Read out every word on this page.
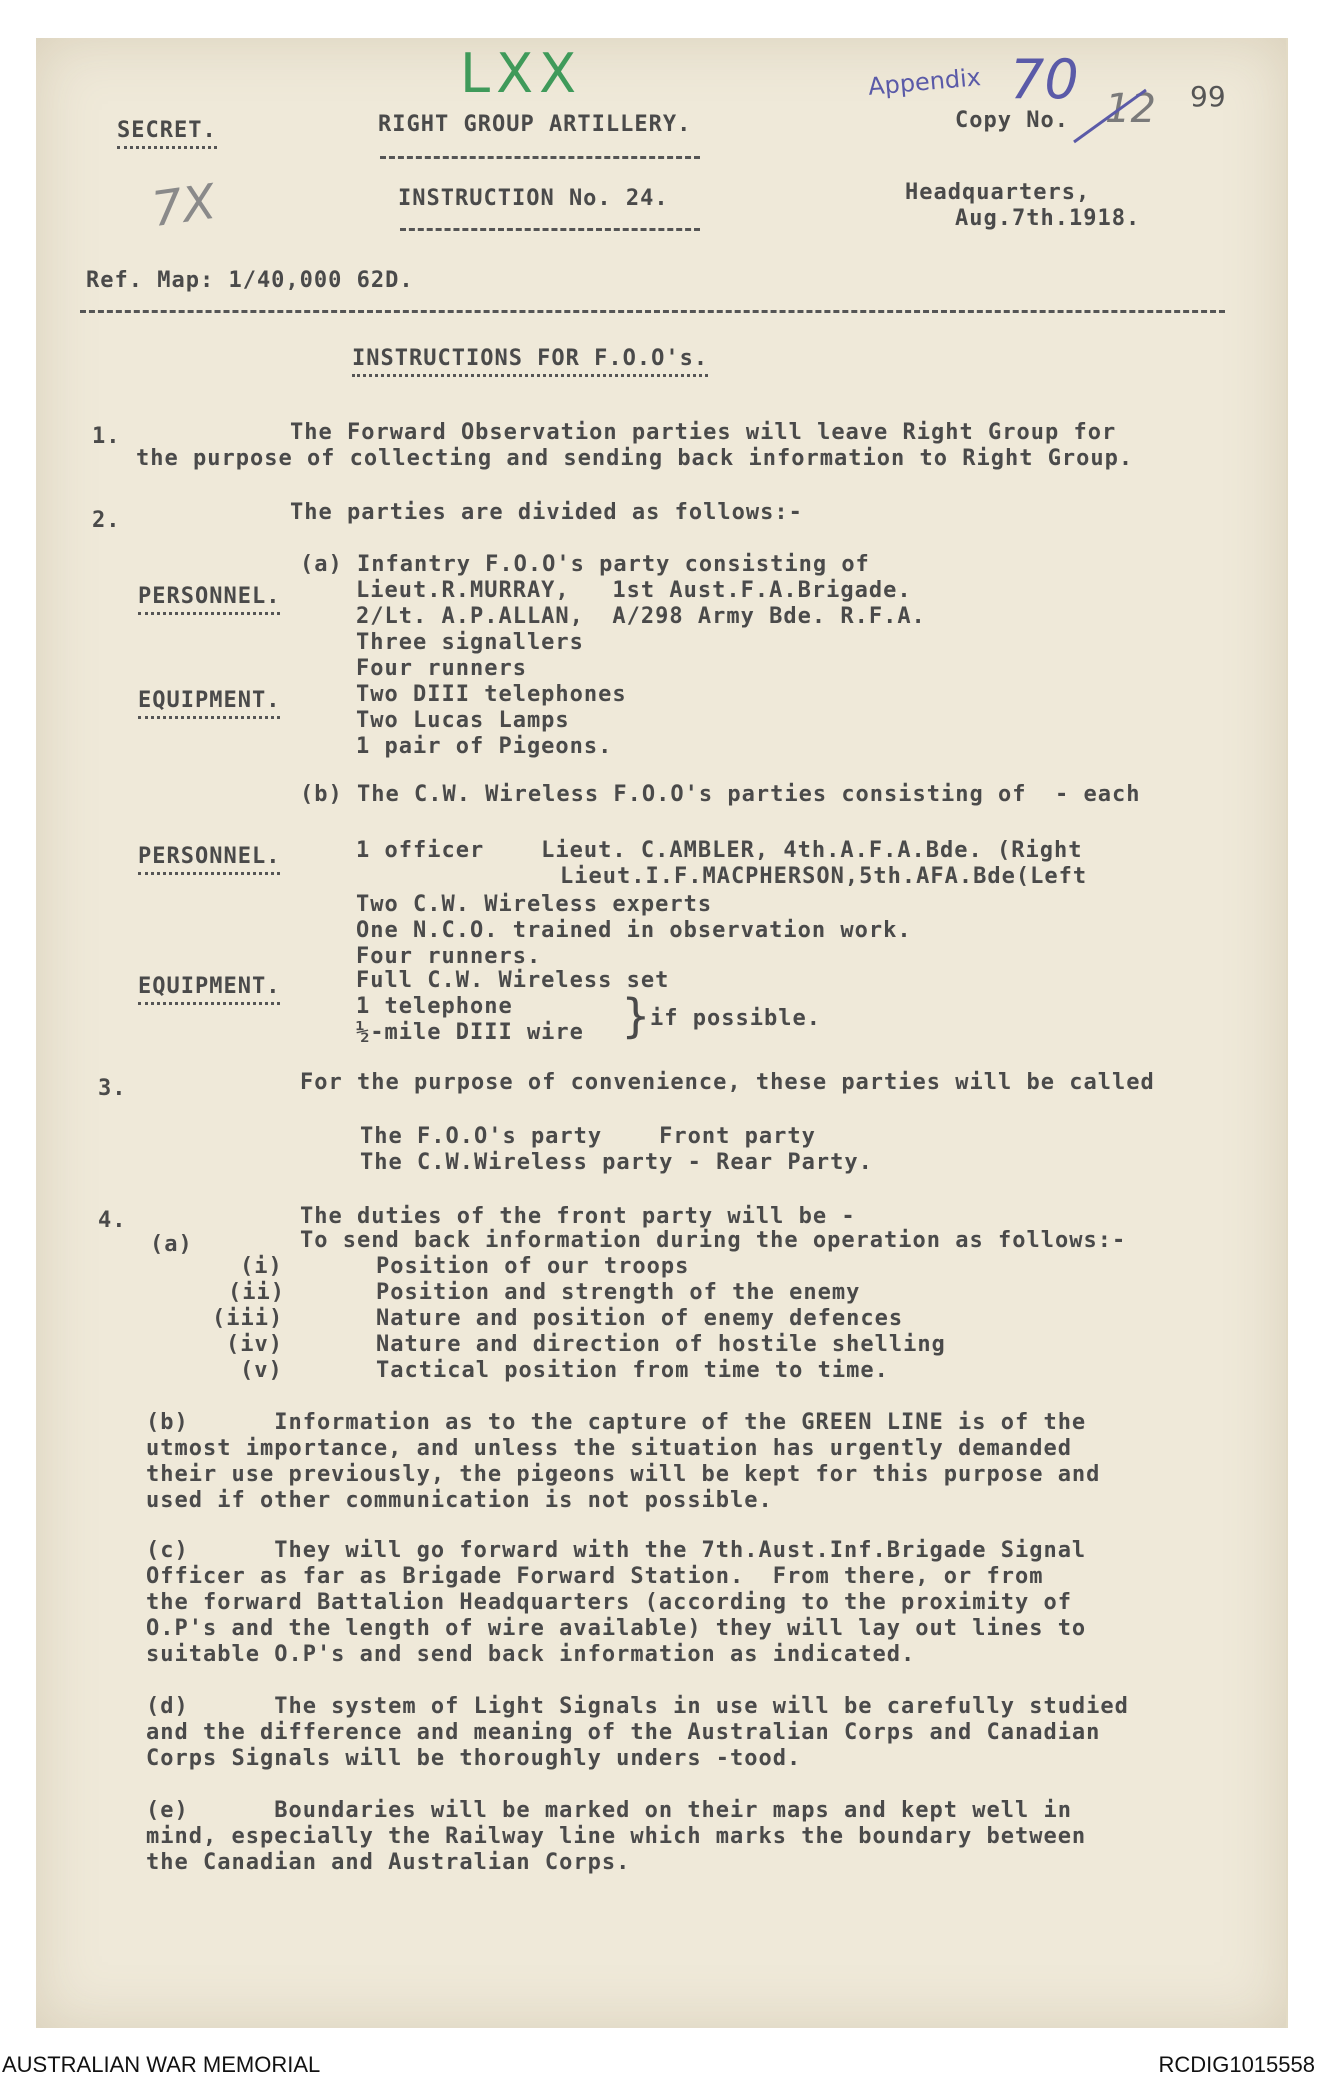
SECRET.	RIGHT GROUP ARTILLERY.	Copy No.
LXX	Appendix 70 12 99
7X	INSTRUCTION No. 24.	Headquarters,
Aug.7th.1918.
Ref. Map: 1/40,000 62D.
INSTRUCTIONS FOR F.O.O's.
1.	The Forward Observation parties will leave Right Group for
the purpose of collecting and sending back information to Right Group.
2.	The parties are divided as follows:-
(a) Infantry F.O.O's party consisting of
PERSONNEL.	Lieut.R.MURRAY,   1st Aust.F.A.Brigade.
2/Lt. A.P.ALLAN,  A/298 Army Bde. R.F.A.
Three signallers
Four runners
EQUIPMENT.	Two DIII telephones
Two Lucas Lamps
1 pair of Pigeons.
(b) The C.W. Wireless F.O.O's parties consisting of  - each
PERSONNEL.	1 officer    Lieut. C.AMBLER, 4th.A.F.A.Bde. (Right
Lieut.I.F.MACPHERSON,5th.AFA.Bde(Left
Two C.W. Wireless experts
One N.C.O. trained in observation work.
Four runners.
EQUIPMENT.	Full C.W. Wireless set
1 telephone
½-mile DIII wire } if possible.
3.	For the purpose of convenience, these parties will be called
The F.O.O's party    Front party
The C.W.Wireless party - Rear Party.
4.	The duties of the front party will be -
(a)	To send back information during the operation as follows:-
(i)	Position of our troops
(ii)	Position and strength of the enemy
(iii)	Nature and position of enemy defences
(iv)	Nature and direction of hostile shelling
(v)	Tactical position from time to time.
(b)      Information as to the capture of the GREEN LINE is of the
utmost importance, and unless the situation has urgently demanded
their use previously, the pigeons will be kept for this purpose and
used if other communication is not possible.
(c)      They will go forward with the 7th.Aust.Inf.Brigade Signal
Officer as far as Brigade Forward Station.  From there, or from
the forward Battalion Headquarters (according to the proximity of
O.P's and the length of wire available) they will lay out lines to
suitable O.P's and send back information as indicated.
(d)      The system of Light Signals in use will be carefully studied
and the difference and meaning of the Australian Corps and Canadian
Corps Signals will be thoroughly unders -tood.
(e)      Boundaries will be marked on their maps and kept well in
mind, especially the Railway line which marks the boundary between
the Canadian and Australian Corps.
AUSTRALIAN WAR MEMORIAL	RCDIG1015558
